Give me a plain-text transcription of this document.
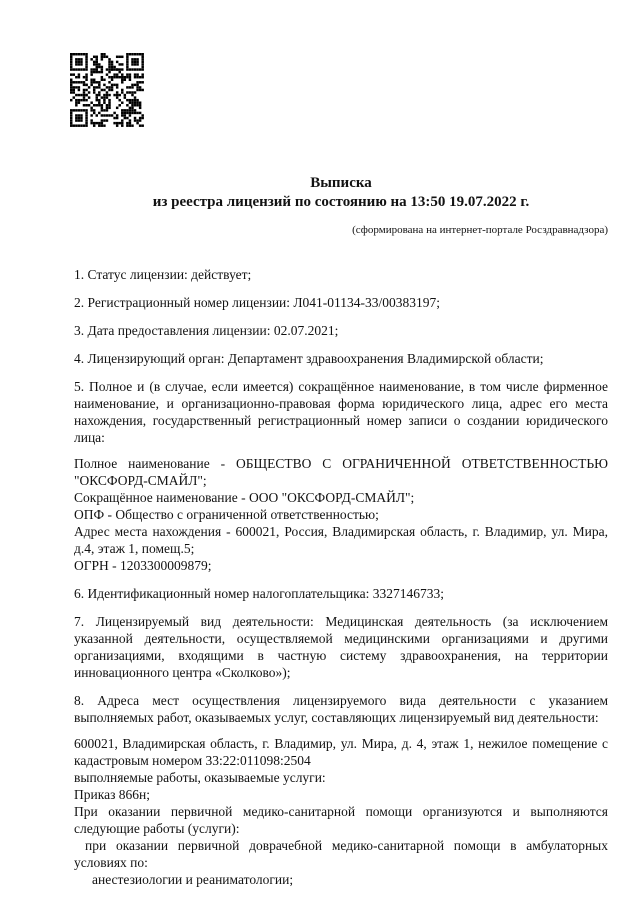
Выписка
из реестра лицензий по состоянию на 13:50 19.07.2022 г.
(сформирована на интернет-портале Росздравнадзора)

1. Статус лицензии: действует;

2. Регистрационный номер лицензии: Л041-01134-33/00383197;

3. Дата предоставления лицензии: 02.07.2021;

4. Лицензирующий орган: Департамент здравоохранения Владимирской области;

5. Полное и (в случае, если имеется) сокращённое наименование, в том числе фирменное наименование, и организационно-правовая форма юридического лица, адрес его места нахождения, государственный регистрационный номер записи о создании юридического лица:

Полное наименование - ОБЩЕСТВО С ОГРАНИЧЕННОЙ ОТВЕТСТВЕННОСТЬЮ "ОКСФОРД-СМАЙЛ";

Сокращённое наименование - ООО "ОКСФОРД-СМАЙЛ";

ОПФ - Общество с ограниченной ответственностью;

Адрес места нахождения - 600021, Россия, Владимирская область, г. Владимир, ул. Мира, д.4, этаж 1, помещ.5;

ОГРН - 1203300009879;

6. Идентификационный номер налогоплательщика: 3327146733;

7. Лицензируемый вид деятельности: Медицинская деятельность (за исключением указанной деятельности, осуществляемой медицинскими организациями и другими организациями, входящими в частную систему здравоохранения, на территории инновационного центра «Сколково»);

8. Адреса мест осуществления лицензируемого вида деятельности с указанием выполняемых работ, оказываемых услуг, составляющих лицензируемый вид деятельности:

600021, Владимирская область, г. Владимир, ул. Мира, д. 4, этаж 1, нежилое помещение с кадастровым номером 33:22:011098:2504

выполняемые работы, оказываемые услуги:

Приказ 866н;

При оказании первичной медико-санитарной помощи организуются и выполняются следующие работы (услуги):

при оказании первичной доврачебной медико-санитарной помощи в амбулаторных условиях по:

анестезиологии и реаниматологии;
